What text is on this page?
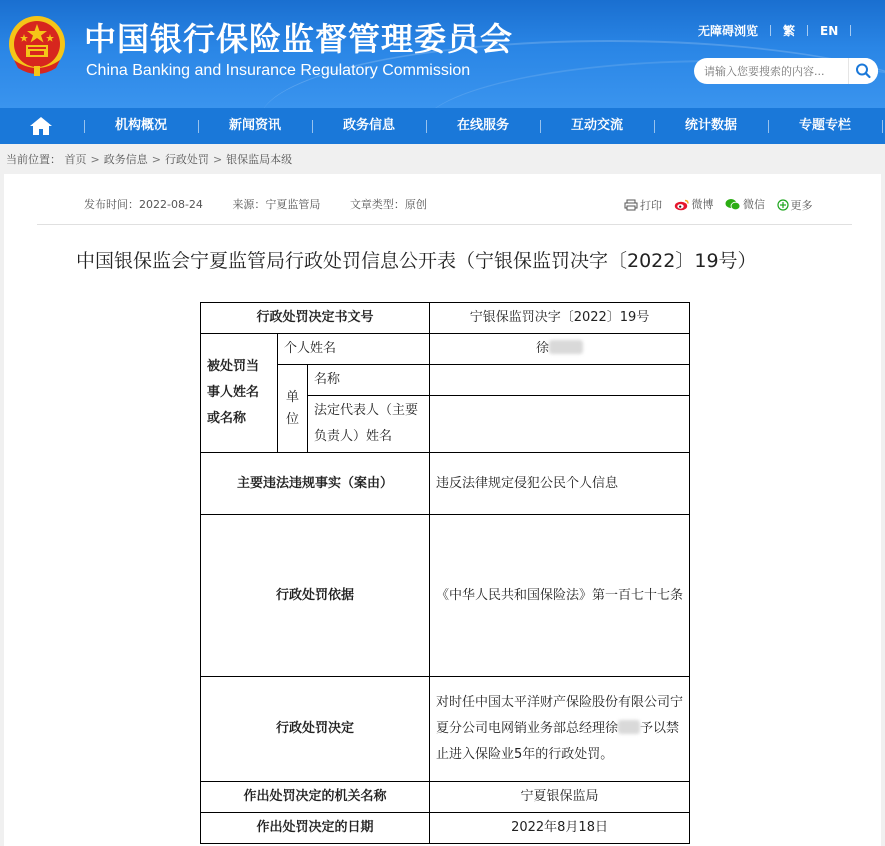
中国银行保险监督管理委员会
China Banking and Insurance Regulatory Commission
无障碍浏览 繁 EN
请输入您要搜索的内容...
机构概况	新闻资讯	政务信息	在线服务	互动交流	统计数据	专题专栏
当前位置： 首页 > 政务信息 > 行政处罚 > 银保监局本级
发布时间：2022-08-24	来源：宁夏监管局	文章类型：原创	打印
	微博
	微信
更多
中国银保监会宁夏监管局行政处罚信息公开表（宁银保监罚决字〔2022〕19号）
行政处罚决定书文号			宁银保监罚决字〔2022〕19号
被处罚当事人姓名或名称	个人姓名		徐
	单位	名称	
		法定代表人（主要负责人）姓名	
主要违法违规事实（案由）			违反法律规定侵犯公民个人信息
行政处罚依据			《中华人民共和国保险法》第一百七十七条
行政处罚决定			对时任中国太平洋财产保险股份有限公司宁夏分公司电网销业务部总经理徐 予以禁止进入保险业5年的行政处罚。
作出处罚决定的机关名称			宁夏银保监局
作出处罚决定的日期			2022年8月18日
